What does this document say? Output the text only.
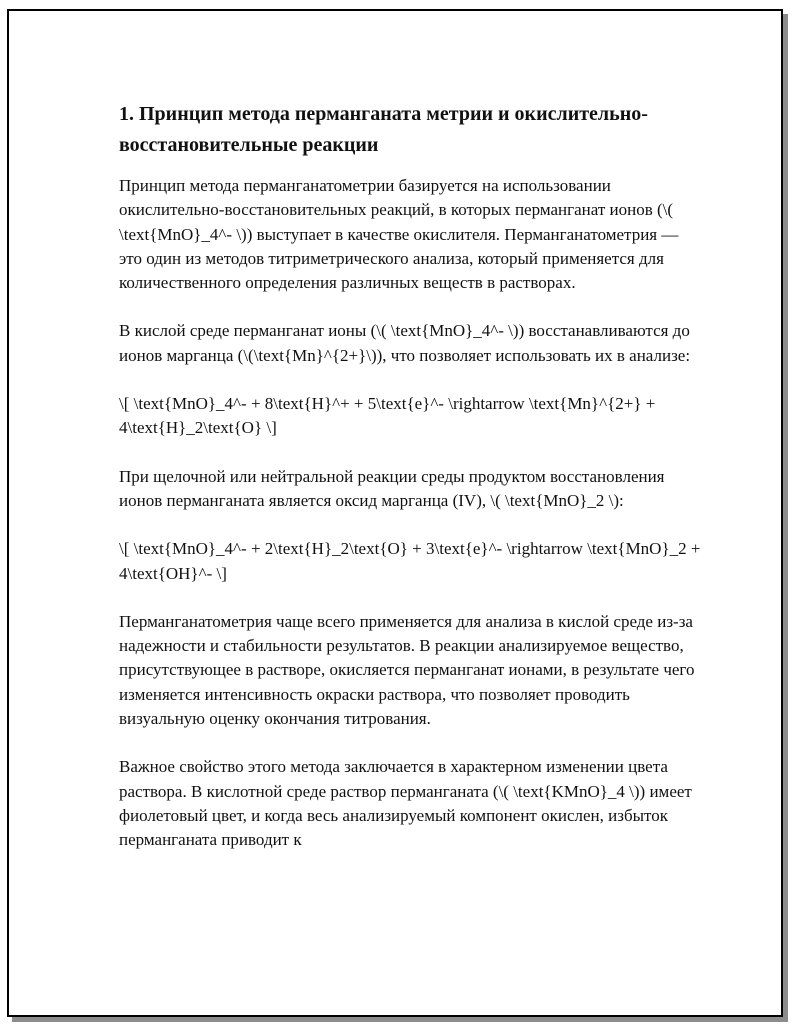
1. Принцип метода перманганата метрии и окислительно-восстановительные реакции

Принцип метода перманганатометрии базируется на использовании окислительно-восстановительных реакций, в которых перманганат ионов (\( \text{MnO}_4^- \)) выступает в качестве окислителя. Перманганатометрия — это один из методов титриметрического анализа, который применяется для количественного определения различных веществ в растворах.

В кислой среде перманганат ионы (\( \text{MnO}_4^- \)) восстанавливаются до ионов марганца (\(\text{Mn}^{2+}\)), что позволяет использовать их в анализе:

\[ \text{MnO}_4^- + 8\text{H}^+ + 5\text{e}^- \rightarrow \text{Mn}^{2+} + 4\text{H}_2\text{O} \]

При щелочной или нейтральной реакции среды продуктом восстановления ионов перманганата является оксид марганца (IV), \( \text{MnO}_2 \):

\[ \text{MnO}_4^- + 2\text{H}_2\text{O} + 3\text{e}^- \rightarrow \text{MnO}_2 + 4\text{OH}^- \]

Перманганатометрия чаще всего применяется для анализа в кислой среде из-за надежности и стабильности результатов. В реакции анализируемое вещество, присутствующее в растворе, окисляется перманганат ионами, в результате чего изменяется интенсивность окраски раствора, что позволяет проводить визуальную оценку окончания титрования.

Важное свойство этого метода заключается в характерном изменении цвета раствора. В кислотной среде раствор перманганата (\( \text{KMnO}_4 \)) имеет фиолетовый цвет, и когда весь анализируемый компонент окислен, избыток перманганата приводит к
